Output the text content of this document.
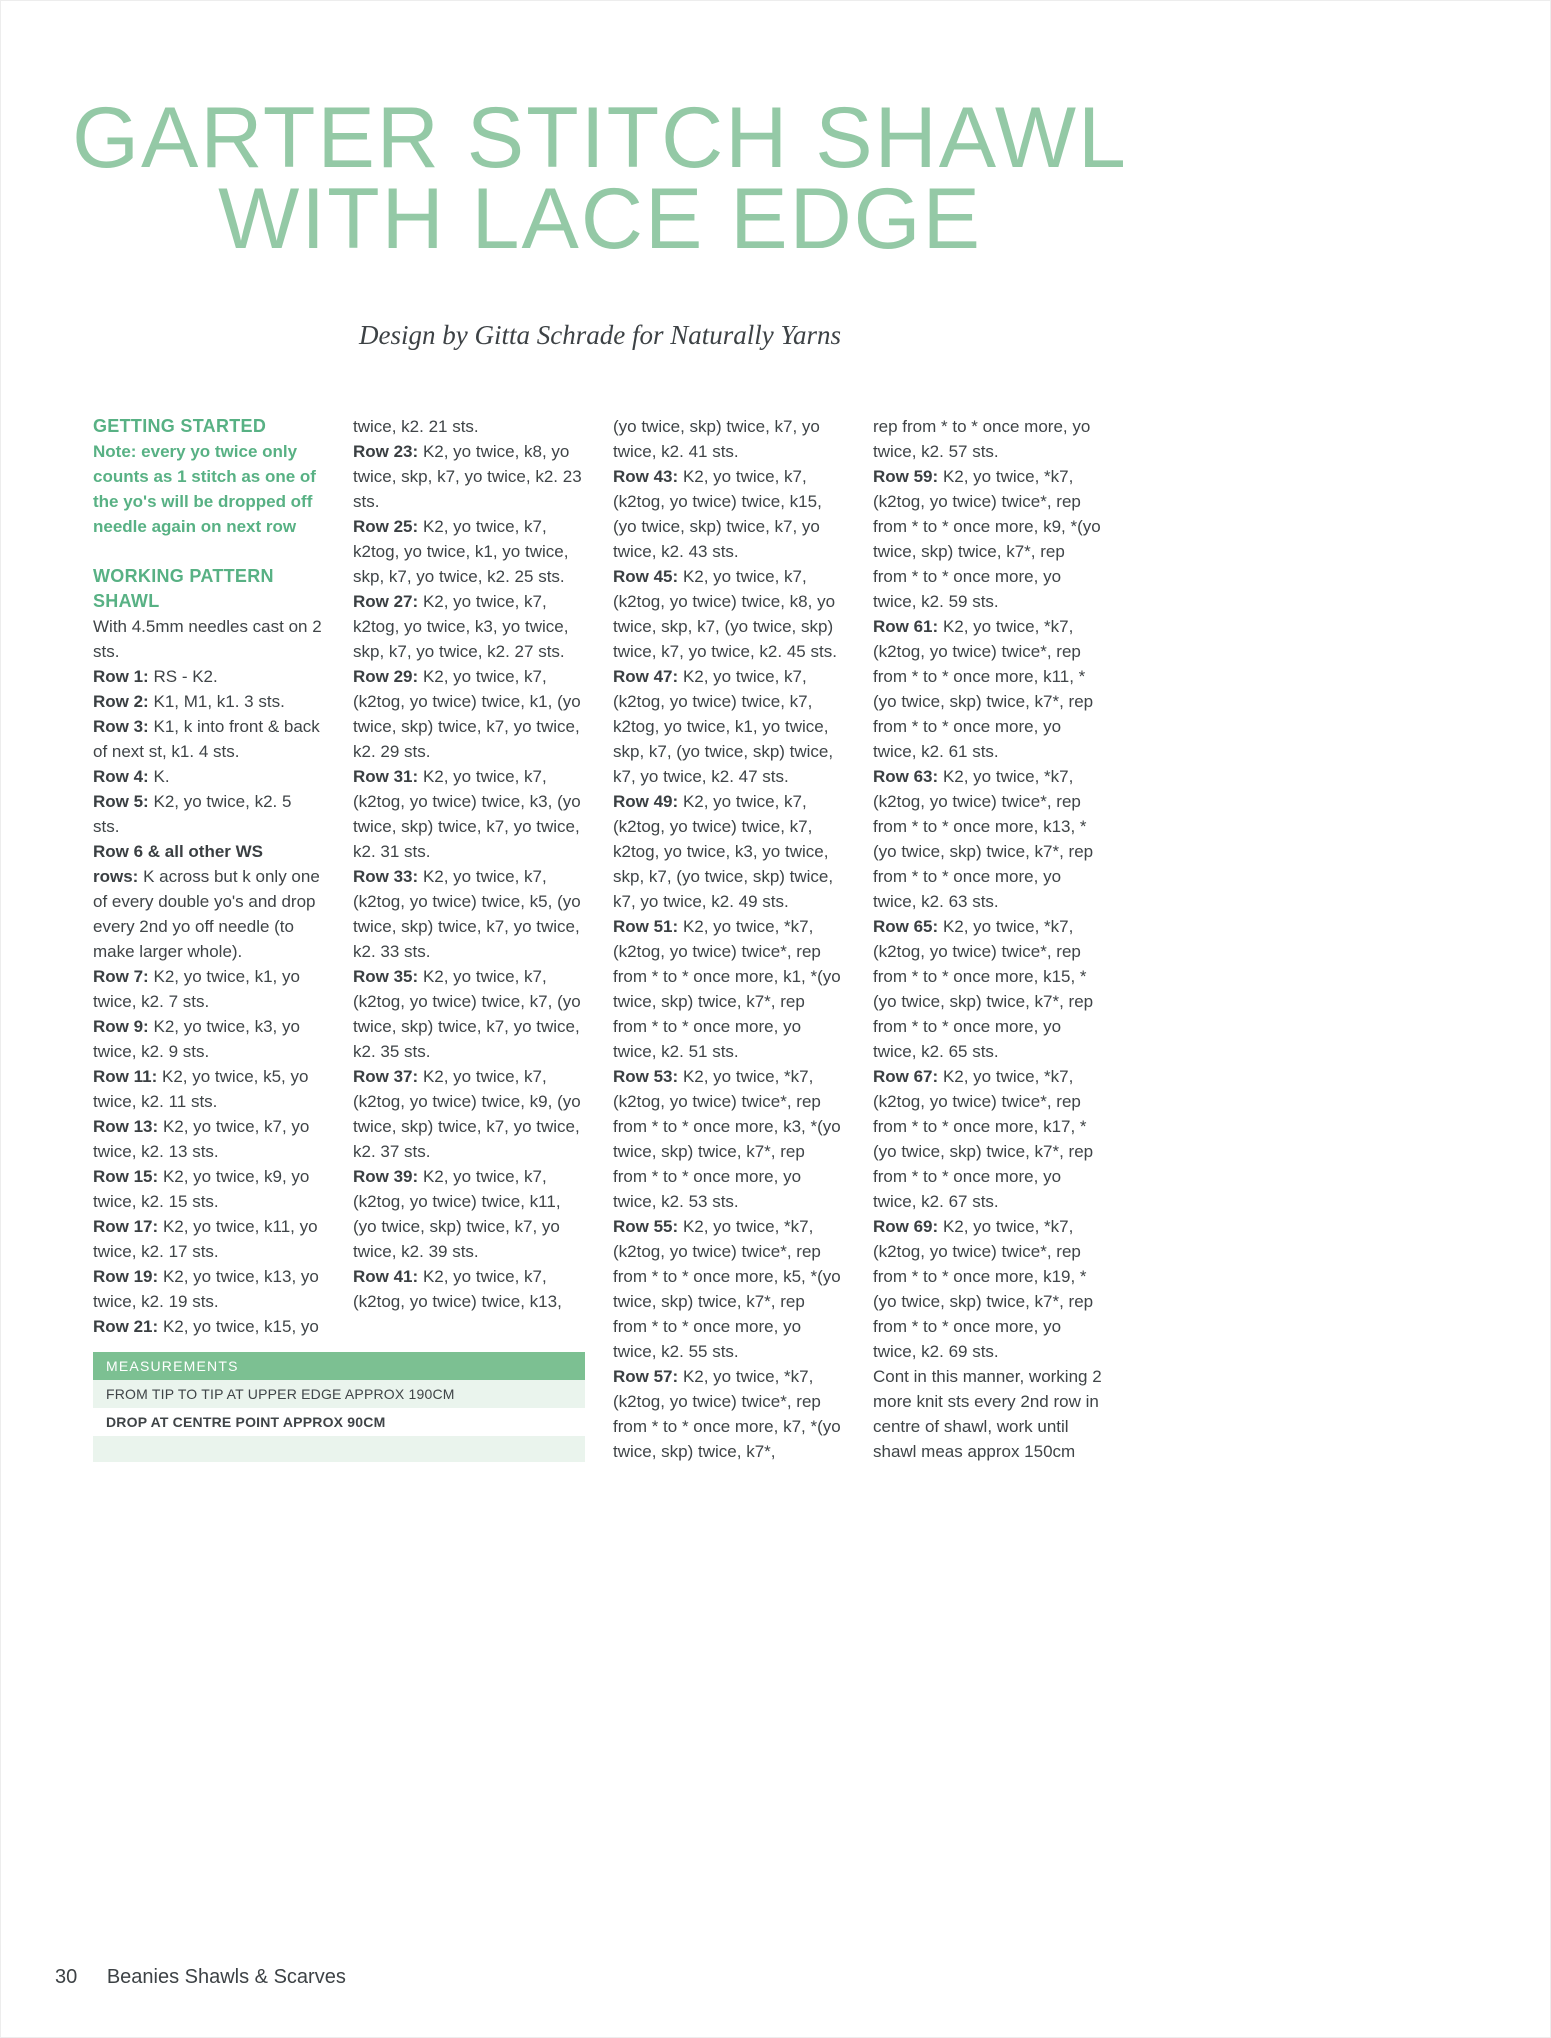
GARTER STITCH SHAWL
WITH LACE EDGE
Design by Gitta Schrade for Naturally Yarns
GETTING STARTED

Note: every yo twice only counts as 1 stitch as one of the yo's will be dropped off needle again on next row

WORKING PATTERN SHAWL

With 4.5mm needles cast on 2 sts.

Row 1: RS - K2.

Row 2: K1, M1, k1. 3 sts.

Row 3: K1, k into front & back of next st, k1. 4 sts.

Row 4: K.

Row 5: K2, yo twice, k2. 5 sts.

Row 6 & all other WS rows: K across but k only one of every double yo's and drop every 2nd yo off needle (to make larger whole).

Row 7: K2, yo twice, k1, yo twice, k2. 7 sts.

Row 9: K2, yo twice, k3, yo twice, k2. 9 sts.

Row 11: K2, yo twice, k5, yo twice, k2. 11 sts.

Row 13: K2, yo twice, k7, yo twice, k2. 13 sts.

Row 15: K2, yo twice, k9, yo twice, k2. 15 sts.

Row 17: K2, yo twice, k11, yo twice, k2. 17 sts.

Row 19: K2, yo twice, k13, yo twice, k2. 19 sts.

Row 21: K2, yo twice, k15, yo

twice, k2. 21 sts.

Row 23: K2, yo twice, k8, yo twice, skp, k7, yo twice, k2. 23 sts.

Row 25: K2, yo twice, k7, k2tog, yo twice, k1, yo twice, skp, k7, yo twice, k2. 25 sts.

Row 27: K2, yo twice, k7, k2tog, yo twice, k3, yo twice, skp, k7, yo twice, k2. 27 sts.

Row 29: K2, yo twice, k7, (k2tog, yo twice) twice, k1, (yo twice, skp) twice, k7, yo twice, k2. 29 sts.

Row 31: K2, yo twice, k7, (k2tog, yo twice) twice, k3, (yo twice, skp) twice, k7, yo twice, k2. 31 sts.

Row 33: K2, yo twice, k7, (k2tog, yo twice) twice, k5, (yo twice, skp) twice, k7, yo twice, k2. 33 sts.

Row 35: K2, yo twice, k7, (k2tog, yo twice) twice, k7, (yo twice, skp) twice, k7, yo twice, k2. 35 sts.

Row 37: K2, yo twice, k7, (k2tog, yo twice) twice, k9, (yo twice, skp) twice, k7, yo twice, k2. 37 sts.

Row 39: K2, yo twice, k7, (k2tog, yo twice) twice, k11, (yo twice, skp) twice, k7, yo twice, k2. 39 sts.

Row 41: K2, yo twice, k7, (k2tog, yo twice) twice, k13,

(yo twice, skp) twice, k7, yo twice, k2. 41 sts.

Row 43: K2, yo twice, k7, (k2tog, yo twice) twice, k15, (yo twice, skp) twice, k7, yo twice, k2. 43 sts.

Row 45: K2, yo twice, k7, (k2tog, yo twice) twice, k8, yo twice, skp, k7, (yo twice, skp) twice, k7, yo twice, k2. 45 sts.

Row 47: K2, yo twice, k7, (k2tog, yo twice) twice, k7, k2tog, yo twice, k1, yo twice, skp, k7, (yo twice, skp) twice, k7, yo twice, k2. 47 sts.

Row 49: K2, yo twice, k7, (k2tog, yo twice) twice, k7, k2tog, yo twice, k3, yo twice, skp, k7, (yo twice, skp) twice, k7, yo twice, k2. 49 sts.

Row 51: K2, yo twice, *k7, (k2tog, yo twice) twice*, rep from * to * once more, k1, *(yo twice, skp) twice, k7*, rep from * to * once more, yo twice, k2. 51 sts.

Row 53: K2, yo twice, *k7, (k2tog, yo twice) twice*, rep from * to * once more, k3, *(yo twice, skp) twice, k7*, rep from * to * once more, yo twice, k2. 53 sts.

Row 55: K2, yo twice, *k7, (k2tog, yo twice) twice*, rep from * to * once more, k5, *(yo twice, skp) twice, k7*, rep from * to * once more, yo twice, k2. 55 sts.

Row 57: K2, yo twice, *k7, (k2tog, yo twice) twice*, rep from * to * once more, k7, *(yo twice, skp) twice, k7*,

rep from * to * once more, yo twice, k2. 57 sts.

Row 59: K2, yo twice, *k7, (k2tog, yo twice) twice*, rep from * to * once more, k9, *(yo twice, skp) twice, k7*, rep from * to * once more, yo twice, k2. 59 sts.

Row 61: K2, yo twice, *k7, (k2tog, yo twice) twice*, rep from * to * once more, k11, *(yo twice, skp) twice, k7*, rep from * to * once more, yo twice, k2. 61 sts.

Row 63: K2, yo twice, *k7, (k2tog, yo twice) twice*, rep from * to * once more, k13, *(yo twice, skp) twice, k7*, rep from * to * once more, yo twice, k2. 63 sts.

Row 65: K2, yo twice, *k7, (k2tog, yo twice) twice*, rep from * to * once more, k15, *(yo twice, skp) twice, k7*, rep from * to * once more, yo twice, k2. 65 sts.

Row 67: K2, yo twice, *k7, (k2tog, yo twice) twice*, rep from * to * once more, k17, *(yo twice, skp) twice, k7*, rep from * to * once more, yo twice, k2. 67 sts.

Row 69: K2, yo twice, *k7, (k2tog, yo twice) twice*, rep from * to * once more, k19, *(yo twice, skp) twice, k7*, rep from * to * once more, yo twice, k2. 69 sts.

Cont in this manner, working 2 more knit sts every 2nd row in centre of shawl, work until shawl meas approx 150cm

MEASUREMENTS
FROM TIP TO TIP AT UPPER EDGE APPROX 190CM
DROP AT CENTRE POINT APPROX 90CM
30 Beanies Shawls & Scarves
